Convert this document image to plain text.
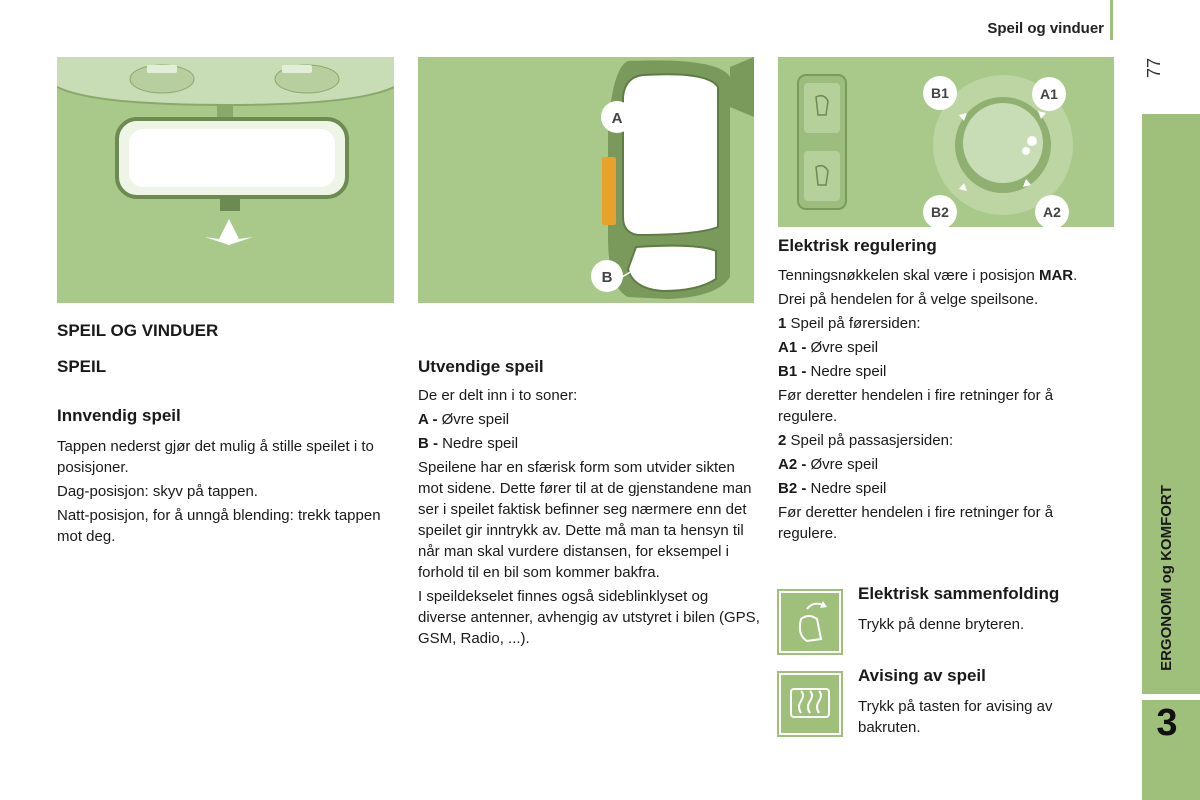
Speil og vinduer
77
ERGONOMI og KOMFORT
3
A
B
B1	A1
B2	A2
SPEIL OG VINDUER
SPEIL
Innvendig speil

Tappen nederst gjør det mulig å stille speilet i to posisjoner.

Dag-posisjon: skyv på tappen.

Natt-posisjon, for å unngå blending: trekk tappen mot deg.

Utvendige speil

De er delt inn i to soner:

A - Øvre speil

B - Nedre speil

Speilene har en sfærisk form som utvider sikten mot sidene. Dette fører til at de gjenstandene man ser i speilet faktisk befinner seg nærmere enn det speilet gir inntrykk av. Dette må man ta hensyn til når man skal vurdere distansen, for eksempel i forhold til en bil som kommer bakfra.

I speildekselet finnes også sideblinklyset og diverse antenner, avhengig av utstyret i bilen (GPS, GSM, Radio, ...).

Elektrisk regulering

Tenningsnøkkelen skal være i posisjon MAR.

Drei på hendelen for å velge speilsone.

1 Speil på førersiden:

A1 - Øvre speil

B1 - Nedre speil

Før deretter hendelen i fire retninger for å regulere.

2 Speil på passasjersiden:

A2 - Øvre speil

B2 - Nedre speil

Før deretter hendelen i fire retninger for å regulere.

Elektrisk sammenfolding

Trykk på denne bryteren.

Avising av speil

Trykk på tasten for avising av bakruten.
